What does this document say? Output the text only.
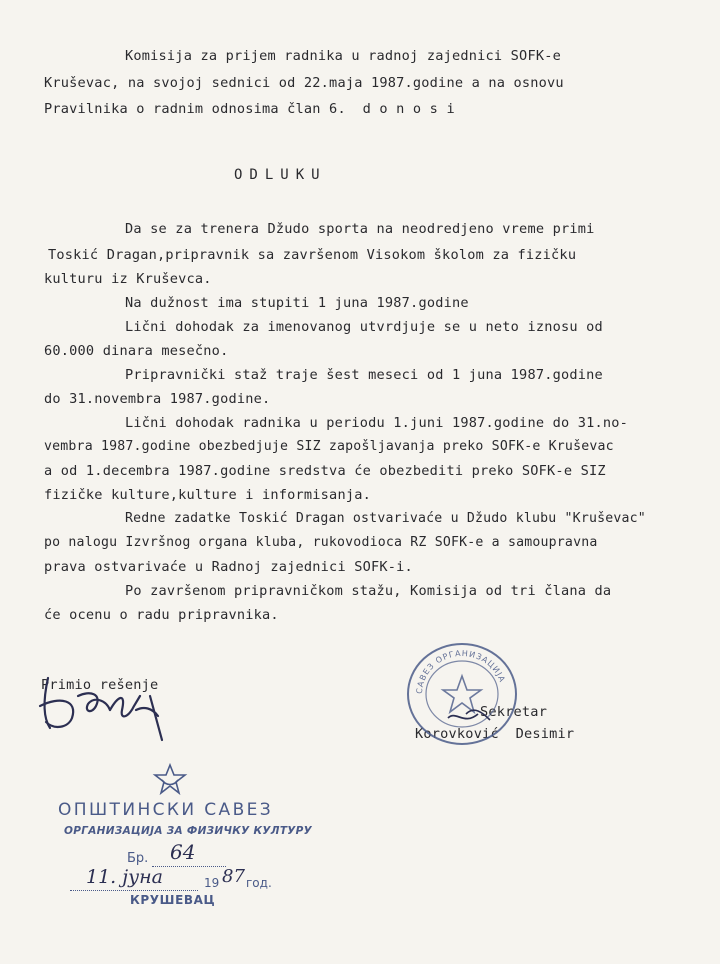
Komisija za prijem radnika u radnoj zajednici SOFK-e
Kruševac, na svojoj sednici od 22.maja 1987.godine a na osnovu
Pravilnika o radnim odnosima član 6.  d o n o s i
ODLUKU
Da se za trenera Džudo sporta na neodredjeno vreme primi
Toskić Dragan,pripravnik sa završenom Visokom školom za fizičku
kulturu iz Kruševca.
Na dužnost ima stupiti 1 juna 1987.godine
Lični dohodak za imenovanog utvrdjuje se u neto iznosu od
60.000 dinara mesečno.
Pripravnički staž traje šest meseci od 1 juna 1987.godine
do 31.novembra 1987.godine.
Lični dohodak radnika u periodu 1.juni 1987.godine do 31.no-
vembra 1987.godine obezbedjuje SIZ zapošljavanja preko SOFK-e Kruševac
a od 1.decembra 1987.godine sredstva će obezbediti preko SOFK-e SIZ
fizičke kulture,kulture i informisanja.
Redne zadatke Toskić Dragan ostvarivaće u Džudo klubu "Kruševac"
po nalogu Izvršnog organa kluba, rukovodioca RZ SOFK-e a samoupravna
prava ostvarivaće u Radnoj zajednici SOFK-i.
Po završenom pripravničkom stažu, Komisija od tri člana da
će ocenu o radu pripravnika.
Primio rešenje
Sekretar
Korovković  Desimir
САВЕЗ ОРГАНИЗАЦИЈА
ОПШТИНСКИ САВЕЗ
ОРГАНИЗАЦИЈА ЗА ФИЗИЧКУ КУЛТУРУ
Бр. 64
11. јуна	19 87 год.
КРУШЕВАЦ
